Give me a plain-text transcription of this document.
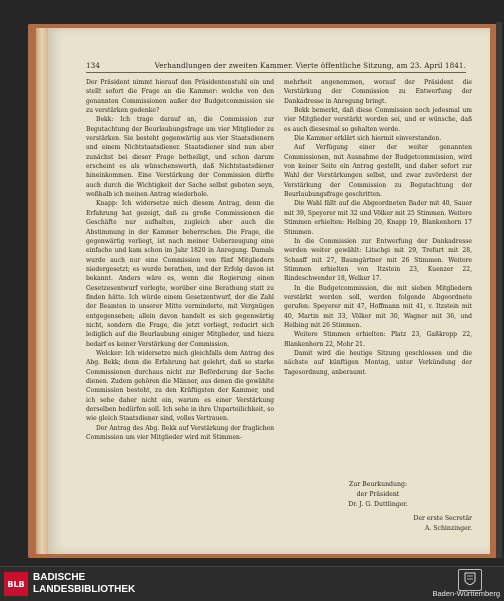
134	Verhandlungen der zweiten Kammer. Vierte öffentliche Sitzung, am 23. April 1841.

Der Präsident nimmt hierauf den Präsidentenstuhl ein und stellt sofort die Frage an die Kammer: welche von den genannten Commissionen außer der Budgetcommission sie zu verstärken gedenke?

Bekk: Ich trage darauf an, die Commission zur Begutachtung der Beurlaubungsfrage um vier Mitglieder zu verstärken. Sie besteht gegenwärtig aus vier Staatsdienern und einem Nichtstaatsdiener. Staatsdiener sind nun aber zunächst bei dieser Frage betheiligt, und schon darum erscheint es als wünschenswerth, daß Nichtstaatsdiener hineinkommen. Eine Verstärkung der Commission dürfte auch durch die Wichtigkeit der Sache selbst geboten seyn, weßhalb ich meinen Antrag wiederhole.

Knapp: Ich widersetze mich diesem Antrag, denn die Erfahrung hat gezeigt, daß zu große Commissionen die Geschäfte nur aufhalten, zugleich aber auch die Abstimmung in der Kammer beherrschen. Die Frage, die gegenwärtig vorliegt, ist nach meiner Ueberzeugung eine einfache und kam schon im Jahr 1820 in Anregung. Damals wurde auch nur eine Commission von fünf Mitgliedern niedergesetzt; es wurde berathen, und der Erfolg davon ist bekannt. Anders wäre es, wenn die Regierung einen Gesetzesentwurf vorlegte, worüber eine Berathung statt zu finden hätte. Ich würde einem Gesetzentwurf, der die Zahl der Beamten in unserer Mitte verminderte, mit Vergnügen entgegensehen; allein davon handelt es sich gegenwärtig nicht, sondern die Frage, die jetzt vorliegt, reducirt sich lediglich auf die Beurlaubung einiger Mitglieder, und hiezu bedarf es keiner Verstärkung der Commission.

Welcker: Ich widersetze mich gleichfalls dem Antrag des Abg. Bekk; denn die Erfahrung hat gelehrt, daß so starke Commissionen durchaus nicht zur Beförderung der Sache dienen. Zudem gehören die Männer, aus denen die gewählte Commission besteht, zu den Kräftigsten der Kammer, und ich sehe daher nicht ein, warum es einer Verstärkung derselben bedürfen soll. Ich sehe in ihre Unparteilichkeit, so wie gleich Staatsdiener sind, volles Vertrauen.

Der Antrag des Abg. Bekk auf Verstärkung der fraglichen Commission um vier Mitglieder wird mit Stimmen-

mehrheit angenommen, worauf der Präsident die Verstärkung der Commission zu Entwerfung der Dankadresse in Anregung bringt.

Bekk bemerkt, daß diese Commission noch jedesmal um vier Mitglieder verstärkt worden sei, und er wünsche, daß es auch diesesmal so gehalten werde.

Die Kammer erklärt sich hiermit einverstanden.

Auf Verfügung einer der weiter genannten Commissionen, mit Ausnahme der Budgetcommission, wird von keiner Seite ein Antrag gestellt, und daher sofort zur Wahl der Verstärkungen selbst, und zwar zuvörderst der Verstärkung der Commission zu Begutachtung der Beurlaubungsfrage geschritten.

Die Wahl fällt auf die Abgeordneten Bader mit 40, Sauer mit 39, Speyerer mit 32 und Völker mit 25 Stimmen. Weitere Stimmen erhielten: Helbing 20, Knapp 19, Blankenhorn 17 Stimmen.

In die Commission zur Entwerfung der Dankadresse werden weiter gewählt: Litschgi mit 29, Trefurt mit 28, Schaaff mit 27, Baumgärtner mit 26 Stimmen. Weitere Stimmen erhielten von Itzstein 23, Kuenzer 22, Rindeschwender 18, Welker 17.

In die Budgetcommission, die mit sieben Mitgliedern verstärkt werden soll, werden folgende Abgeordnete gerufen: Speyerer mit 47, Hoffmann mit 41, v. Itzstein mit 40, Martin mit 33, Völker mit 30, Wagner mit 36, und Helbing mit 26 Stimmen.

Weitere Stimmen erhielten: Platz 23, Gaßkropp 22, Blankenhorn 22, Mohr 21.

Damit wird die heutige Sitzung geschlossen und die nächste auf künftigen Montag, unter Verkündung der Tagesordnung, anberaumt.

Zur Beurkundung:
der Präsident
Dr. J. G. Duttlinger.
Der erste Secretär
A. Schinzinger.
BLB
BADISCHE
LANDESBIBLIOTHEK	Baden-Württemberg
